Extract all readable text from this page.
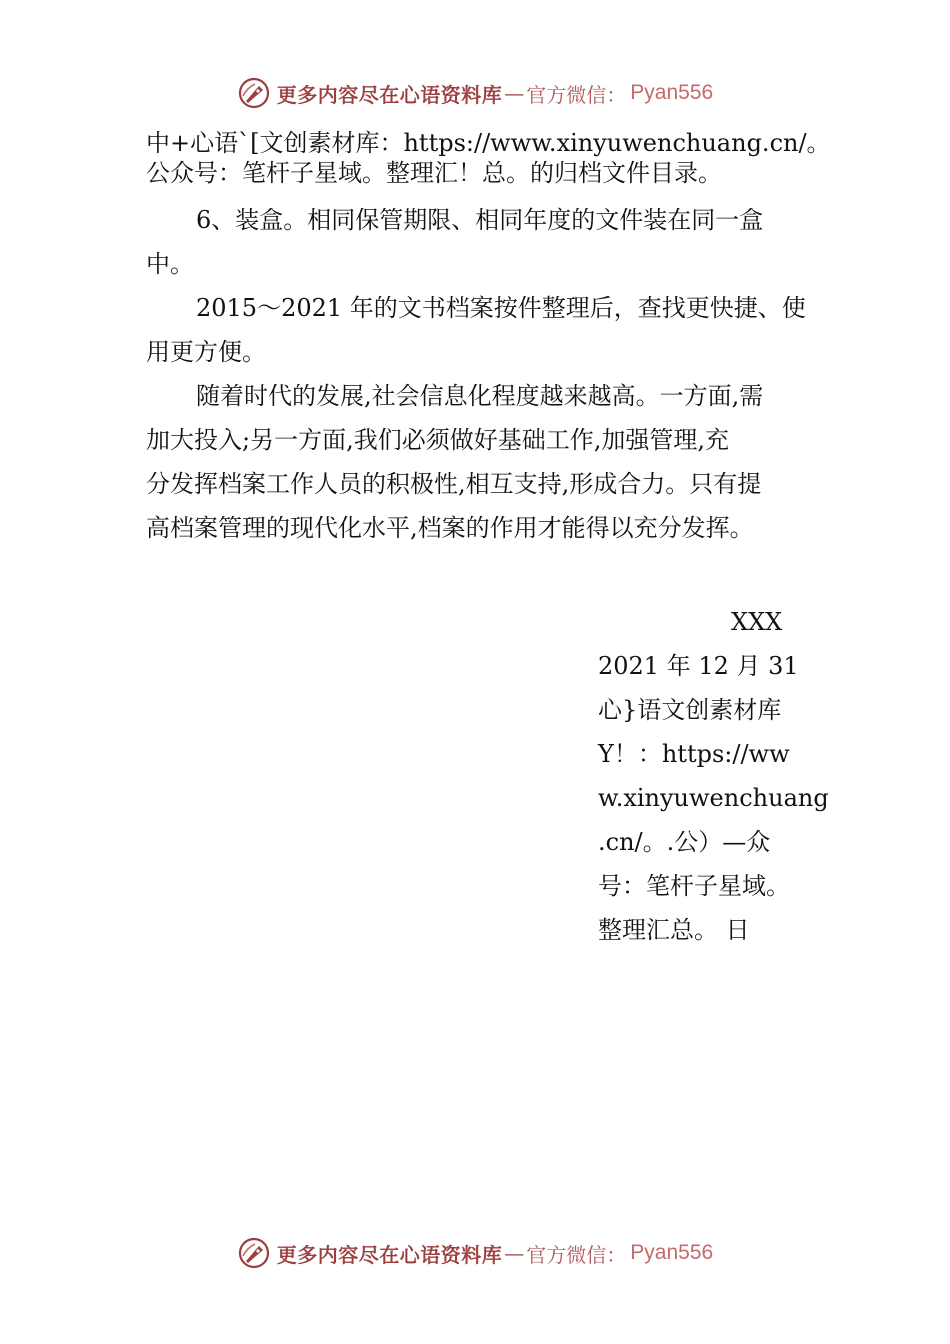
更多内容尽在心语资料库 — 官方微信： Pyan556
中+心语`[文创素材库：https://www.xinyuwenchuang.cn/。
公众号：笔杆子星域。整理汇！总。的归档文件目录。
6、装盒。相同保管期限、相同年度的文件装在同一盒
中。
2015～2021 年的文书档案按件整理后，查找更快捷、使
用更方便。
随着时代的发展,社会信息化程度越来越高。一方面,需
加大投入;另一方面,我们必须做好基础工作,加强管理,充
分发挥档案工作人员的积极性,相互支持,形成合力。只有提
高档案管理的现代化水平,档案的作用才能得以充分发挥。
XXX
2021 年 12 月 31
心}语文创素材库
Y！：https://ww
w.xinyuwenchuang
.cn/。.公）—众
号：笔杆子星域。
整理汇总。 日
更多内容尽在心语资料库 — 官方微信： Pyan556
